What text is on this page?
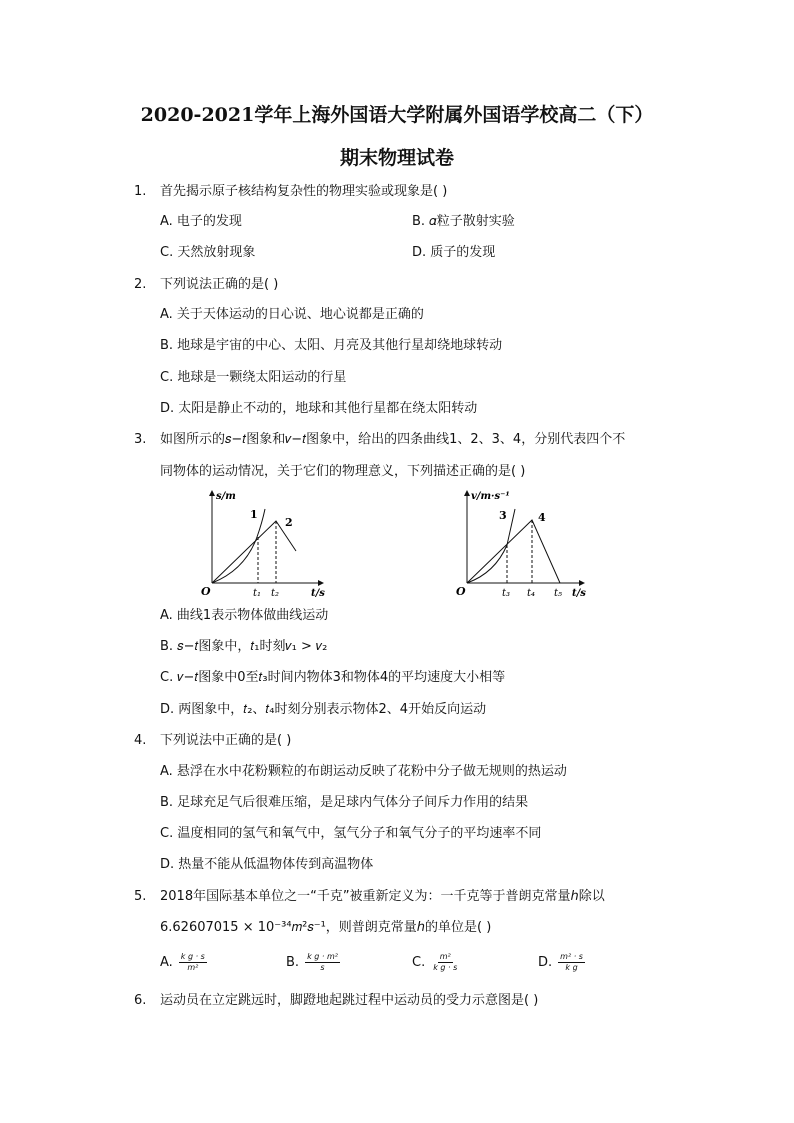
2020-2021学年上海外国语大学附属外国语学校高二（下）
期末物理试卷
1. 首先揭示原子核结构复杂性的物理实验或现象是( )
A. 电子的发现	B. 𝛼粒子散射实验
C. 天然放射现象	D. 质子的发现
2. 下列说法正确的是( )
A. 关于天体运动的日心说、地心说都是正确的
B. 地球是宇宙的中心、太阳、月亮及其他行星却绕地球转动
C. 地球是一颗绕太阳运动的行星
D. 太阳是静止不动的，地球和其他行星都在绕太阳转动
3. 如图所示的𝑠−𝑡图象和𝑣−𝑡图象中，给出的四条曲线1、2、3、4，分别代表四个不
同物体的运动情况，关于它们的物理意义，下列描述正确的是( )
s/m
t/s
O
1
2
t₁ t₂
v/m·s⁻¹
t/s
O
3	4
t₃ t₄ t₅
A. 曲线1表示物体做曲线运动
B. 𝑠−𝑡图象中，𝑡₁时刻𝑣₁ > 𝑣₂
C. 𝑣−𝑡图象中0至𝑡₃时间内物体3和物体4的平均速度大小相等
D. 两图象中，𝑡₂、𝑡₄时刻分别表示物体2、4开始反向运动
4. 下列说法中正确的是( )
A. 悬浮在水中花粉颗粒的布朗运动反映了花粉中分子做无规则的热运动
B. 足球充足气后很难压缩，是足球内气体分子间斥力作用的结果
C. 温度相同的氢气和氧气中，氢气分子和氧气分子的平均速率不同
D. 热量不能从低温物体传到高温物体
5. 2018年国际基本单位之一“千克”被重新定义为：一千克等于普朗克常量ℎ除以
6.62607015 × 10⁻³⁴𝑚²𝑠⁻¹，则普朗克常量ℎ的单位是( )
A. $\frac{\text{k g · s}}{\text{m²}}$	B. $\frac{\text{k g · m²}}{s}$	C. $\frac{\text{m²}}{\text{k g · s}}$	D. $\frac{\text{m² · s}}{\text{k g}}$
6. 运动员在立定跳远时，脚蹬地起跳过程中运动员的受力示意图是( )
